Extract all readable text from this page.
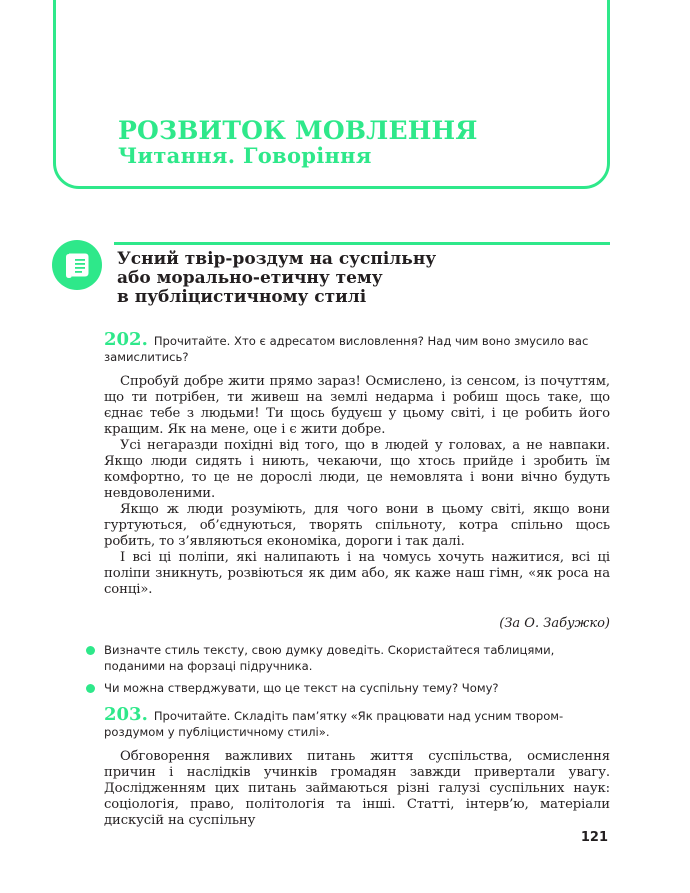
РОЗВИТОК МОВЛЕННЯ
Читання. Говоріння
Усний твір-роздум на суспільну
або морально-етичну тему
в публіцистичному стилі
202. Прочитайте. Хто є адресатом висловлення? Над чим воно змусило вас замислитись?

Спробуй добре жити прямо зараз! Осмислено, із сенсом, із почуттям, що ти потрібен, ти живеш на землі недарма і робиш щось таке, що єднає тебе з людьми! Ти щось будуєш у цьому світі, і це робить його кращим. Як на мене, оце і є жити добре.

Усі негаразди похідні від того, що в людей у головах, а не навпаки. Якщо люди сидять і ниють, чекаючи, що хтось прийде і зробить їм комфортно, то це не дорослі люди, це немовлята і вони вічно будуть невдоволеними.

Якщо ж люди розуміють, для чого вони в цьому світі, якщо вони гуртуються, об’єднуються, творять спільноту, котра спільно щось робить, то з’являються економіка, дороги і так далі.

І всі ці поліпи, які налипають і на чомусь хочуть нажитися, всі ці поліпи зникнуть, розвіються як дим або, як каже наш гімн, «як роса на сонці».

(За О. Забужко)
Визначте стиль тексту, свою думку доведіть. Скористайтеся таблицями, поданими на форзаці підручника.
Чи можна стверджувати, що це текст на суспільну тему? Чому?
203. Прочитайте. Складіть пам’ятку «Як працювати над усним твором-роздумом у публіцистичному стилі».

Обговорення важливих питань життя суспільства, осмислення причин і наслідків учинків громадян завжди привертали увагу. Дослідженням цих питань займаються різні галузі суспільних наук: соціологія, право, політологія та інші. Статті, інтерв’ю, матеріали дискусій на суспільну

121
